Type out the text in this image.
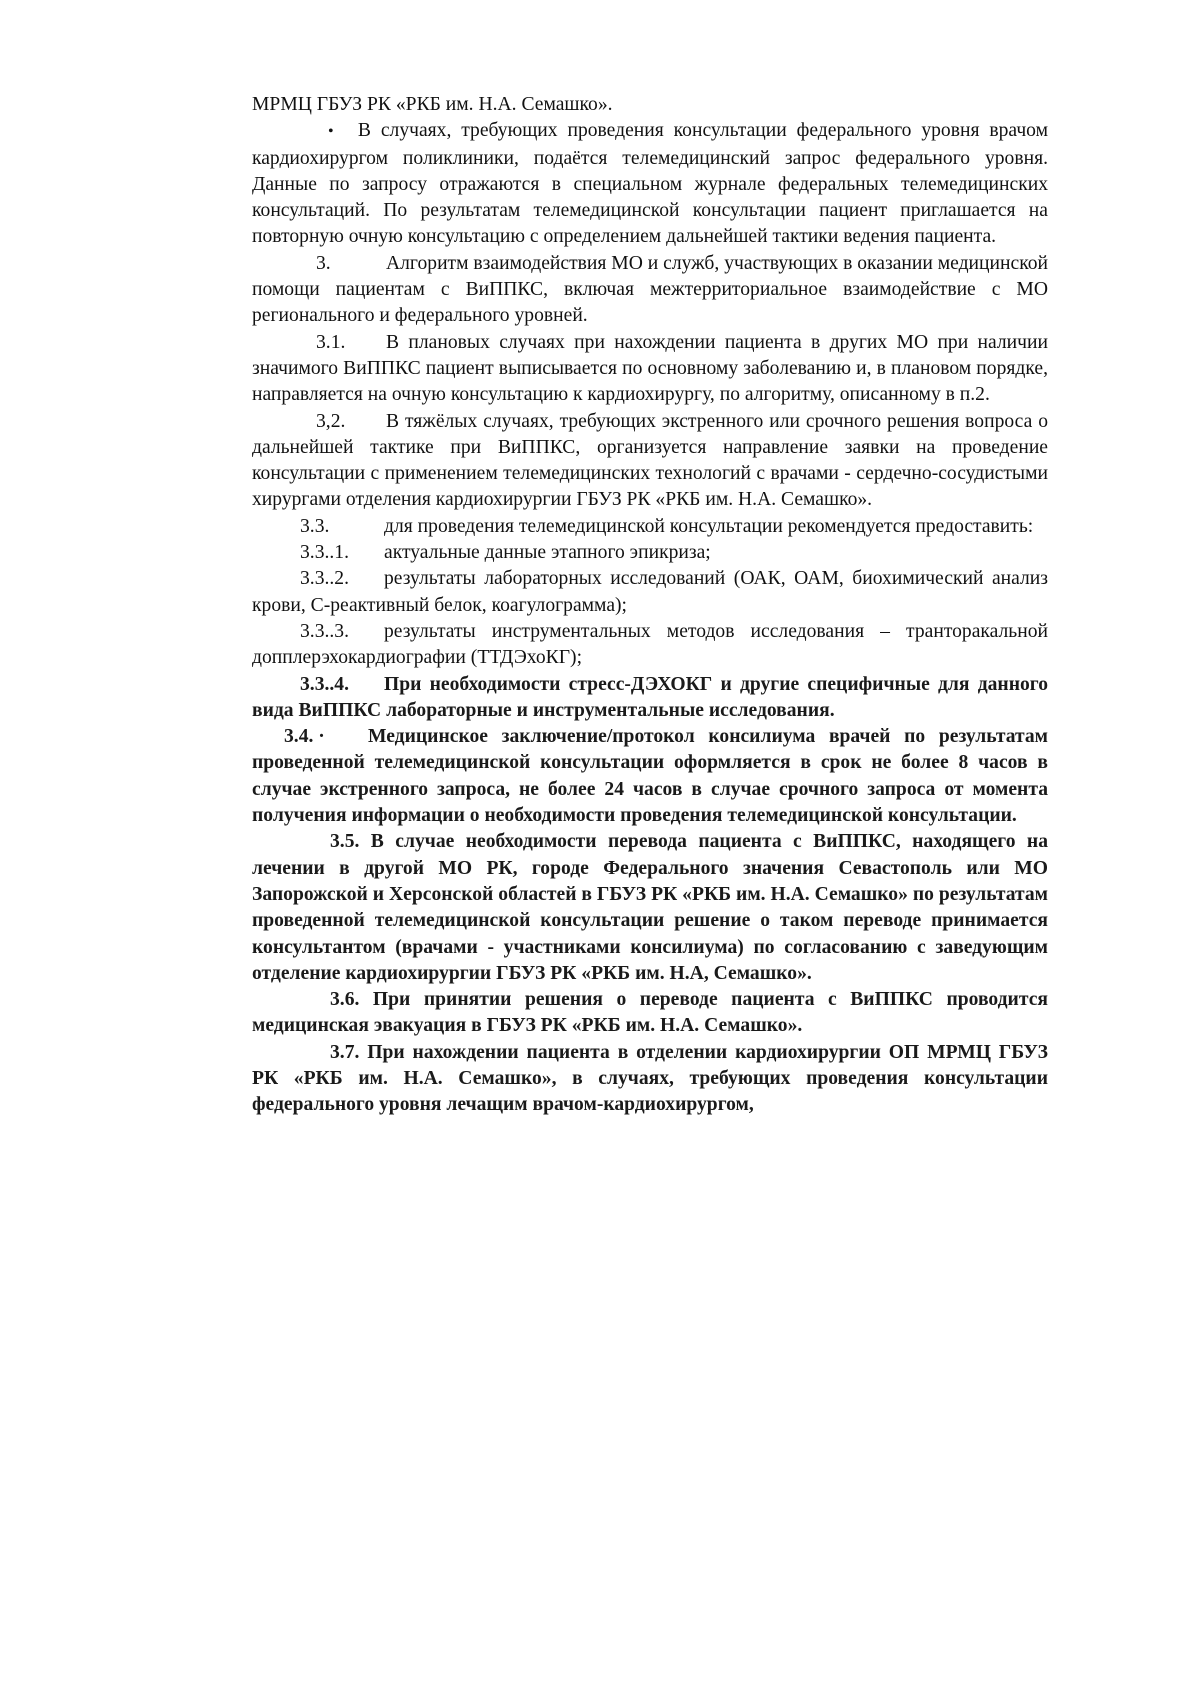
МРМЦ ГБУЗ РК «РКБ им. Н.А. Семашко».

• В случаях, требующих проведения консультации федерального уровня врачом кардиохирургом поликлиники, подаётся телемедицинский запрос федерального уровня. Данные по запросу отражаются в специальном журнале федеральных телемедицинских консультаций. По результатам телемедицинской консультации пациент приглашается на повторную очную консультацию с определением дальнейшей тактики ведения пациента.

3.	Алгоритм взаимодействия МО и служб, участвующих в оказании медицинской помощи пациентам с ВиППКС, включая межтерриториальное взаимодействие с МО регионального и федерального уровней.

3.1. В плановых случаях при нахождении пациента в других МО при наличии значимого ВиППКС пациент выписывается по основному заболеванию и, в плановом порядке, направляется на очную консультацию к кардиохирургу, по алгоритму, описанному в п.2.

3,2. В тяжёлых случаях, требующих экстренного или срочного решения вопроса о дальнейшей тактике при ВиППКС, организуется направление заявки на проведение консультации с применением телемедицинских технологий с врачами - сердечно-сосудистыми хирургами отделения кардиохирургии ГБУЗ РК «РКБ им. Н.А. Семашко».

3.3.	для проведения телемедицинской консультации рекомендуется предоставить:

3.3..1. актуальные данные этапного эпикриза;

3.3..2. результаты лабораторных исследований (ОАК, ОАМ, биохимический анализ крови, С-реактивный белок, коагулограмма);

3.3..3. результаты инструментальных методов исследования – транторакальной допплерэхокардиографии (ТТДЭхоКГ);

3.3..4. При необходимости стресс-ДЭХОКГ и другие специфичные для данного вида ВиППКС лабораторные и инструментальные исследования.

3.4. · Медицинское заключение/протокол консилиума врачей по результатам проведенной телемедицинской консультации оформляется в срок не более 8 часов в случае экстренного запроса, не более 24 часов в случае срочного запроса от момента получения информации о необходимости проведения телемедицинской консультации.

3.5. В случае необходимости перевода пациента с ВиППКС, находящего на лечении в другой МО РК, городе Федерального значения Севастополь или МО Запорожской и Херсонской областей в ГБУЗ РК «РКБ им. Н.А. Семашко» по результатам проведенной телемедицинской консультации решение о таком переводе принимается консультантом (врачами - участниками консилиума) по согласованию с заведующим отделение кардиохирургии ГБУЗ РК «РКБ им. Н.А, Семашко».

3.6. При принятии решения о переводе пациента с ВиППКС проводится медицинская эвакуация в ГБУЗ РК «РКБ им. Н.А. Семашко».

3.7. При нахождении пациента в отделении кардиохирургии ОП МРМЦ ГБУЗ РК «РКБ им. Н.А. Семашко», в случаях, требующих проведения консультации федерального уровня лечащим врачом-кардиохирургом,
